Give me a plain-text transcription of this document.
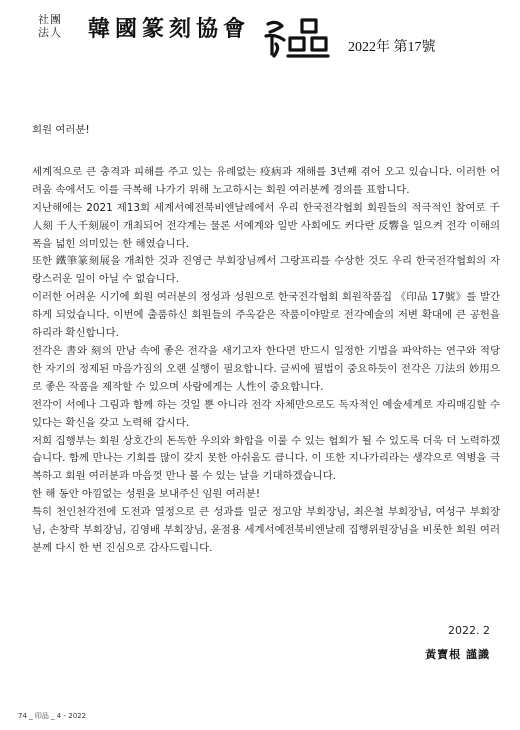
社團法人 韓國篆刻協會
2022年 第17號

회원 여러분!

세계적으로 큰 충격과 피해를 주고 있는 유례없는 疫病과 재해를 3년째 겪어 오고 있습니다. 이러한 어려움 속에서도 이를 극복해 나가기 위해 노고하시는 회원 여러분께 경의를 표합니다.

지난해에는 2021 제13회 세계서예전북비엔날레에서 우리 한국전각협회 회원들의 적극적인 참여로 千人刻 千人千刻展이 개최되어 전각계는 물론 서예계와 일반 사회에도 커다란 反響을 일으켜 전각 이해의 폭을 넓힌 의미있는 한 해였습니다.

또한 鐵筆篆刻展을 개최한 것과 진영근 부회장님께서 그랑프리를 수상한 것도 우리 한국전각협회의 자랑스러운 일이 아닐 수 없습니다.

이러한 어려운 시기에 회원 여러분의 정성과 성원으로 한국전각협회 회원작품집 《印品 17號》를 발간하게 되었습니다. 이번에 출품하신 회원들의 주옥같은 작품이야말로 전각예술의 저변 확대에 큰 공헌을 하리라 확신합니다.

전각은 書와 刻의 만남 속에 좋은 전각을 새기고자 한다면 반드시 일정한 기법을 파악하는 연구와 적당한 자기의 정제된 마음가짐의 오랜 실행이 필요합니다. 글씨에 필법이 중요하듯이 전각은 刀法의 妙用으로 좋은 작품을 제작할 수 있으며 사람에게는 人性이 중요합니다.

전각이 서예나 그림과 함께 하는 것일 뿐 아니라 전각 자체만으로도 독자적인 예술세계로 자리매김할 수 있다는 확신을 갖고 노력해 갑시다.

저희 집행부는 회원 상호간의 돈독한 우의와 화합을 이룰 수 있는 협회가 될 수 있도록 더욱 더 노력하겠습니다. 함께 만나는 기회를 많이 갖지 못한 아쉬움도 큽니다. 이 또한 지나가리라는 생각으로 역병을 극복하고 회원 여러분과 마음껏 만나 볼 수 있는 날을 기대하겠습니다.

한 해 동안 아낌없는 성원을 보내주신 임원 여러분!

특히 천인천각전에 도전과 열정으로 큰 성과를 일군 정고암 부회장님, 최은철 부회장님, 여성구 부회장님, 손창락 부회장님, 김영배 부회장님, 윤점용 세계서예전북비엔날레 집행위원장님을 비롯한 회원 여러분께 다시 한 번 진심으로 감사드립니다.

2022. 2
黃寶根 謹識
74 _ 印品 _ 4 - 2022
